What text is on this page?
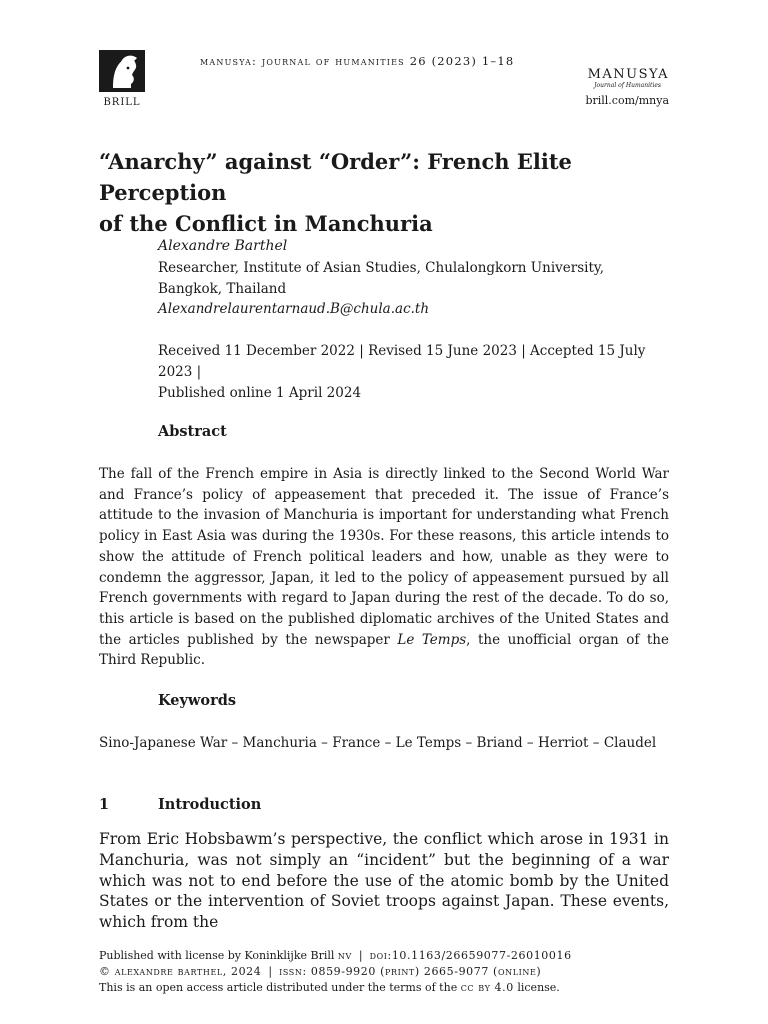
BRILL
manusya: journal of humanities 26 (2023) 1–18
MANUSYA
Journal of Humanities
brill.com/mnya
“Anarchy” against “Order”: French Elite Perception
of the Conflict in Manchuria
Alexandre Barthel
Researcher, Institute of Asian Studies, Chulalongkorn University,
Bangkok, Thailand
Alexandrelaurentarnaud.B@chula.ac.th
Received 11 December 2022 | Revised 15 June 2023 | Accepted 15 July 2023 |
Published online 1 April 2024
Abstract
The fall of the French empire in Asia is directly linked to the Second World War and France’s policy of appeasement that preceded it. The issue of France’s attitude to the invasion of Manchuria is important for understanding what French policy in East Asia was during the 1930s. For these reasons, this article intends to show the attitude of French political leaders and how, unable as they were to condemn the aggressor, Japan, it led to the policy of appeasement pursued by all French governments with regard to Japan during the rest of the decade. To do so, this article is based on the published diplomatic archives of the United States and the articles published by the newspaper Le Temps, the unofficial organ of the Third Republic.
Keywords
Sino-Japanese War – Manchuria – France – Le Temps – Briand – Herriot – Claudel
1	Introduction
From Eric Hobsbawm’s perspective, the conflict which arose in 1931 in Manchuria, was not simply an “incident” but the beginning of a war which was not to end before the use of the atomic bomb by the United States or the intervention of Soviet troops against Japan. These events, which from the
Published with license by Koninklijke Brill nv  |  doi:10.1163/26659077-26010016
© alexandre barthel, 2024  |  issn: 0859-9920 (print) 2665-9077 (online)
This is an open access article distributed under the terms of the cc by 4.0 license.
